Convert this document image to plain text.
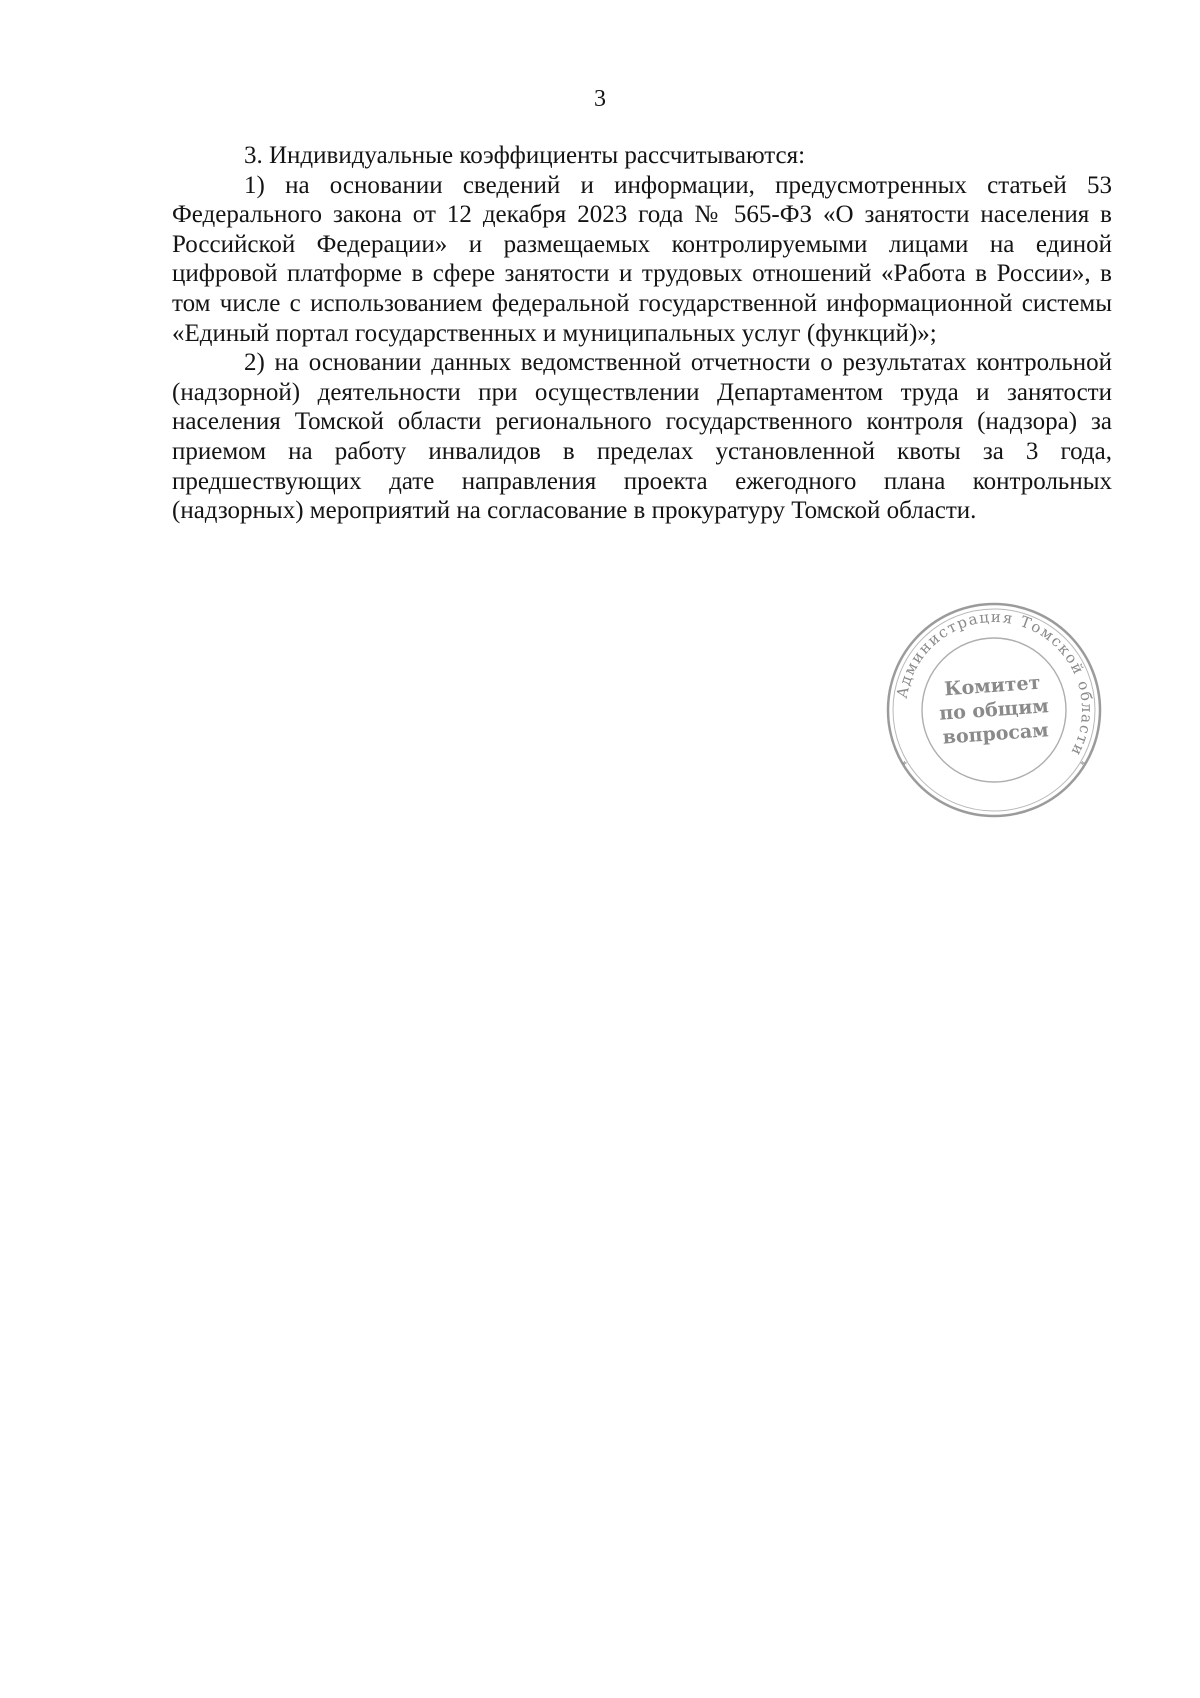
3

3. Индивидуальные коэффициенты рассчитываются:

1) на основании сведений и информации, предусмотренных статьей 53 Федерального закона от 12 декабря 2023 года № 565-ФЗ «О занятости населения в Российской Федерации» и размещаемых контролируемыми лицами на единой цифровой платформе в сфере занятости и трудовых отношений «Работа в России», в том числе с использованием федеральной государственной информационной системы «Единый портал государственных и муниципальных услуг (функций)»;

2) на основании данных ведомственной отчетности о результатах контрольной (надзорной) деятельности при осуществлении Департаментом труда и занятости населения Томской области регионального государственного контроля (надзора) за приемом на работу инвалидов в пределах установленной квоты за 3 года, предшествующих дате направления проекта ежегодного плана контрольных (надзорных) мероприятий на согласование в прокуратуру Томской области.

Администрация Томской области
*	*
Комитет
по общим
вопросам
